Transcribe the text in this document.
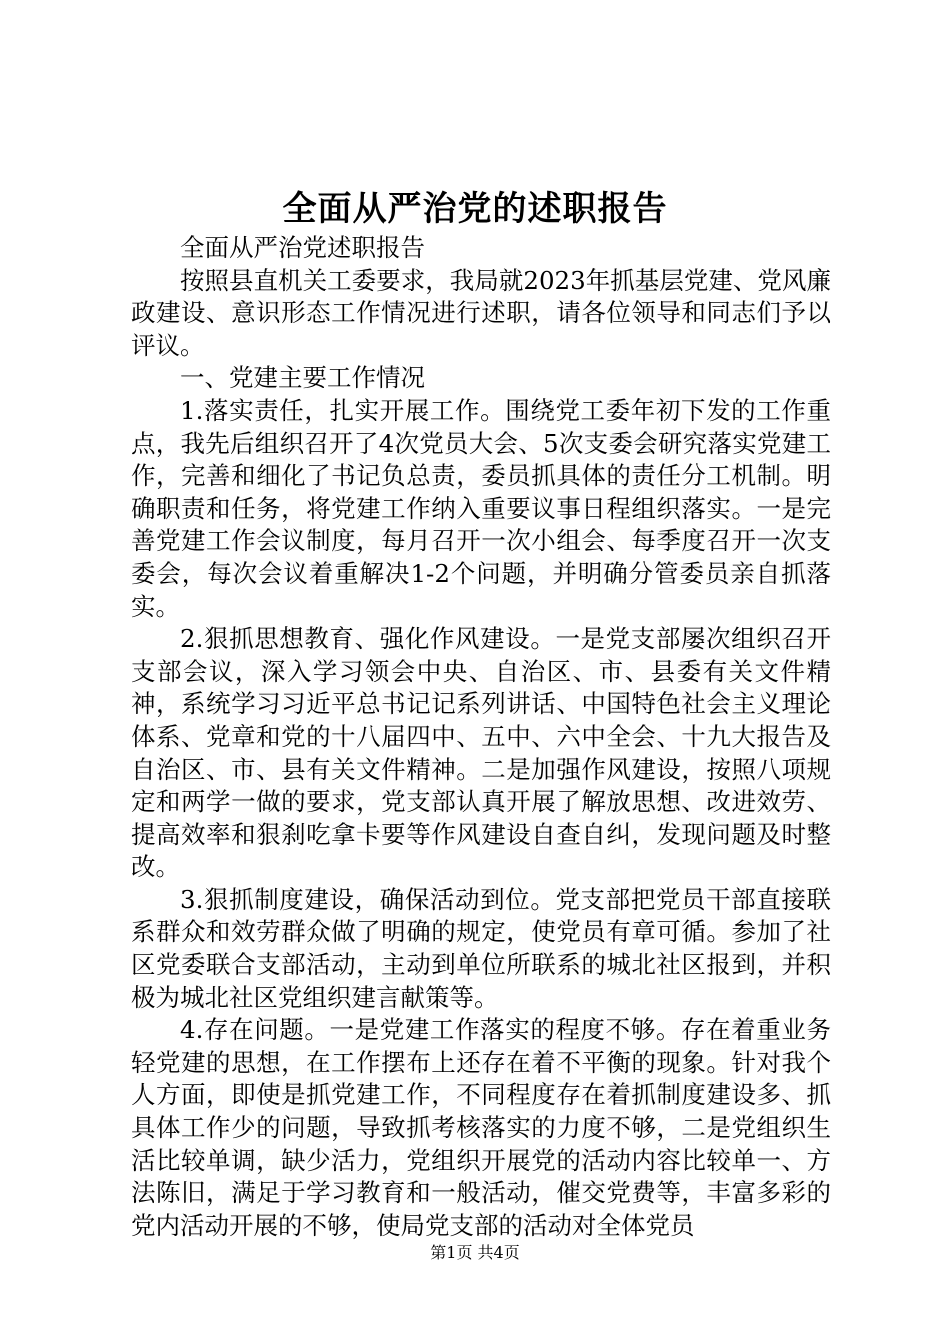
全面从严治党的述职报告

全面从严治党述职报告

按照县直机关工委要求，我局就2023年抓基层党建、党风廉政建设、意识形态工作情况进行述职，请各位领导和同志们予以评议。

一、党建主要工作情况

1.落实责任，扎实开展工作。围绕党工委年初下发的工作重点，我先后组织召开了4次党员大会、5次支委会研究落实党建工作，完善和细化了书记负总责，委员抓具体的责任分工机制。明确职责和任务，将党建工作纳入重要议事日程组织落实。一是完善党建工作会议制度，每月召开一次小组会、每季度召开一次支委会，每次会议着重解决1-2个问题，并明确分管委员亲自抓落实。

2.狠抓思想教育、强化作风建设。一是党支部屡次组织召开支部会议，深入学习领会中央、自治区、市、县委有关文件精神，系统学习习近平总书记记系列讲话、中国特色社会主义理论体系、党章和党的十八届四中、五中、六中全会、十九大报告及自治区、市、县有关文件精神。二是加强作风建设，按照八项规定和两学一做的要求，党支部认真开展了解放思想、改进效劳、提高效率和狠刹吃拿卡要等作风建设自查自纠，发现问题及时整改。

3.狠抓制度建设，确保活动到位。党支部把党员干部直接联系群众和效劳群众做了明确的规定，使党员有章可循。参加了社区党委联合支部活动，主动到单位所联系的城北社区报到，并积极为城北社区党组织建言献策等。

4.存在问题。一是党建工作落实的程度不够。存在着重业务轻党建的思想，在工作摆布上还存在着不平衡的现象。针对我个人方面，即使是抓党建工作，不同程度存在着抓制度建设多、抓具体工作少的问题，导致抓考核落实的力度不够，二是党组织生活比较单调，缺少活力，党组织开展党的活动内容比较单一、方法陈旧，满足于学习教育和一般活动，催交党费等，丰富多彩的党内活动开展的不够，使局党支部的活动对全体党员

第1页 共4页
